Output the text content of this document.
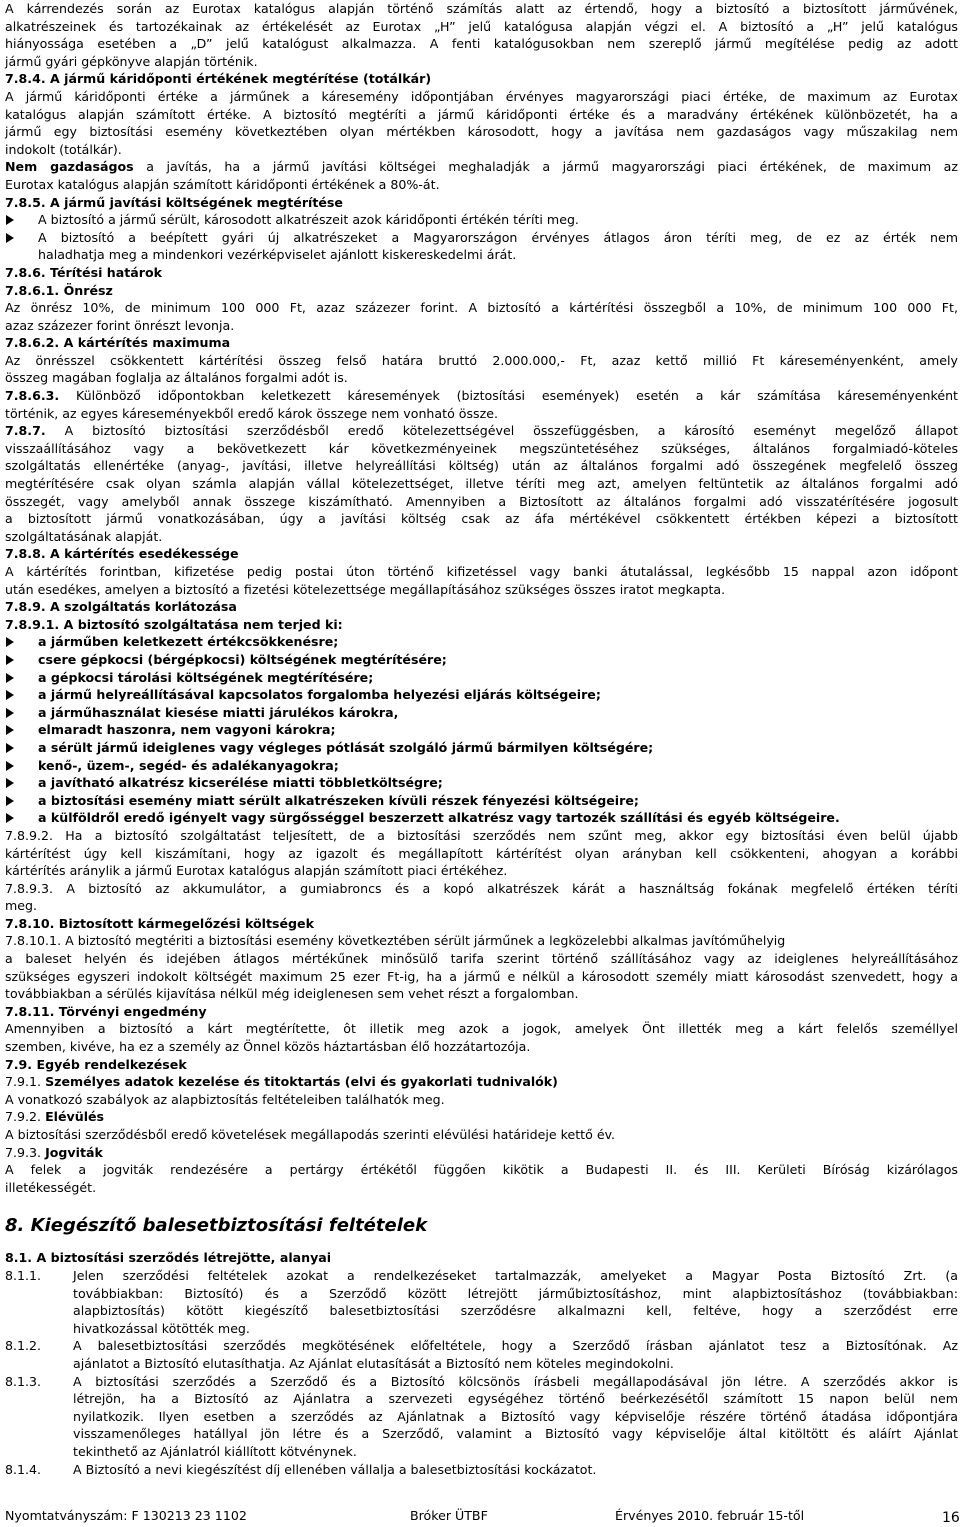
A kárrendezés során az Eurotax katalógus alapján történő számítás alatt az értendő, hogy a biztosító a biztosított járművének,
alkatrészeinek és tartozékainak az értékelését az Eurotax „H” jelű katalógusa alapján végzi el. A biztosító a „H” jelű katalógus
hiányossága esetében a „D” jelű katalógust alkalmazza. A fenti katalógusokban nem szereplő jármű megítélése pedig az adott
jármű gyári gépkönyve alapján történik.
7.8.4. A jármű káridőponti értékének megtérítése (totálkár)
A jármű káridőponti értéke a járműnek a káresemény időpontjában érvényes magyarországi piaci értéke, de maximum az Eurotax
katalógus alapján számított értéke. A biztosító megtéríti a jármű káridőponti értéke és a maradvány értékének különbözetét, ha a
jármű egy biztosítási esemény következtében olyan mértékben károsodott, hogy a javítása nem gazdaságos vagy műszakilag nem
indokolt (totálkár).
Nem gazdaságos a javítás, ha a jármű javítási költségei meghaladják a jármű magyarországi piaci értékének, de maximum az
Eurotax katalógus alapján számított káridőponti értékének a 80%-át.
7.8.5. A jármű javítási költségének megtérítése
A biztosító a jármű sérült, károsodott alkatrészeit azok káridőponti értékén téríti meg.
A biztosító a beépített gyári új alkatrészeket a Magyarországon érvényes átlagos áron téríti meg, de ez az érték nem
haladhatja meg a mindenkori vezérképviselet ajánlott kiskereskedelmi árát.
7.8.6. Térítési határok
7.8.6.1. Önrész
Az önrész 10%, de minimum 100 000 Ft, azaz százezer forint. A biztosító a kártérítési összegből a 10%, de minimum 100 000 Ft,
azaz százezer forint önrészt levonja.
7.8.6.2. A kártérítés maximuma
Az önrésszel csökkentett kártérítési összeg felső határa bruttó 2.000.000,- Ft, azaz kettő millió Ft káreseményenként, amely
összeg magában foglalja az általános forgalmi adót is.
7.8.6.3. Különböző időpontokban keletkezett káresemények (biztosítási események) esetén a kár számítása káreseményenként
történik, az egyes káreseményekből eredő károk összege nem vonható össze.
7.8.7. A biztosító biztosítási szerződésből eredő kötelezettségével összefüggésben, a károsító eseményt megelőző állapot
visszaállításához vagy a bekövetkezett kár következményeinek megszüntetéséhez szükséges, általános forgalmiadó-köteles
szolgáltatás ellenértéke (anyag-, javítási, illetve helyreállítási költség) után az általános forgalmi adó összegének megfelelő összeg
megtérítésére csak olyan számla alapján vállal kötelezettséget, illetve téríti meg azt, amelyen feltüntetik az általános forgalmi adó
összegét, vagy amelyből annak összege kiszámítható. Amennyiben a Biztosított az általános forgalmi adó visszatérítésére jogosult
a biztosított jármű vonatkozásában, úgy a javítási költség csak az áfa mértékével csökkentett értékben képezi a biztosított
szolgáltatásának alapját.
7.8.8. A kártérítés esedékessége
A kártérítés forintban, kifizetése pedig postai úton történő kifizetéssel vagy banki átutalással, legkésőbb 15 nappal azon időpont
után esedékes, amelyen a biztosító a fizetési kötelezettsége megállapításához szükséges összes iratot megkapta.
7.8.9. A szolgáltatás korlátozása
7.8.9.1. A biztosító szolgáltatása nem terjed ki:
a járműben keletkezett értékcsökkenésre;
csere gépkocsi (bérgépkocsi) költségének megtérítésére;
a gépkocsi tárolási költségének megtérítésére;
a jármű helyreállításával kapcsolatos forgalomba helyezési eljárás költségeire;
a járműhasználat kiesése miatti járulékos károkra,
elmaradt haszonra, nem vagyoni károkra;
a sérült jármű ideiglenes vagy végleges pótlását szolgáló jármű bármilyen költségére;
kenő-, üzem-, segéd- és adalékanyagokra;
a javítható alkatrész kicserélése miatti többletköltségre;
a biztosítási esemény miatt sérült alkatrészeken kívüli részek fényezési költségeire;
a külföldről eredő igényelt vagy sürgősséggel beszerzett alkatrész vagy tartozék szállítási és egyéb költségeire.
7.8.9.2. Ha a biztosító szolgáltatást teljesített, de a biztosítási szerződés nem szűnt meg, akkor egy biztosítási éven belül újabb
kártérítést úgy kell kiszámítani, hogy az igazolt és megállapított kártérítést olyan arányban kell csökkenteni, ahogyan a korábbi
kártérítés aránylik a jármű Eurotax katalógus alapján számított piaci értékéhez.
7.8.9.3. A biztosító az akkumulátor, a gumiabroncs és a kopó alkatrészek kárát a használtság fokának megfelelő értéken téríti
meg.
7.8.10. Biztosított kármegelőzési költségek
7.8.10.1. A biztosító megtériti a biztosítási esemény következtében sérült járműnek a legközelebbi alkalmas javítóműhelyig
a baleset helyén és idejében átlagos mértékűnek minősülő tarifa szerint történő szállításához vagy az ideiglenes helyreállításához
szükséges egyszeri indokolt költségét maximum 25 ezer Ft-ig, ha a jármű e nélkül a károsodott személy miatt károsodást szenvedett, hogy a
továbbiakban a sérülés kijavítása nélkül még ideiglenesen sem vehet részt a forgalomban.
7.8.11. Törvényi engedmény
Amennyiben a biztosító a kárt megtérítette, ôt illetik meg azok a jogok, amelyek Önt illették meg a kárt felelős személlyel
szemben, kivéve, ha ez a személy az Önnel közös háztartásban élő hozzátartozója.
7.9. Egyéb rendelkezések
7.9.1. Személyes adatok kezelése és titoktartás (elvi és gyakorlati tudnivalók)
A vonatkozó szabályok az alapbiztosítás feltételeiben találhatók meg.
7.9.2. Elévülés
A biztosítási szerződésből eredő követelések megállapodás szerinti elévülési határideje kettő év.
7.9.3. Jogviták
A felek a jogviták rendezésére a pertárgy értékétől függően kikötik a Budapesti II. és III. Kerületi Bíróság kizárólagos
illetékességét.
8. Kiegészítő balesetbiztosítási feltételek
8.1. A biztosítási szerződés létrejötte, alanyai
8.1.1.	Jelen szerződési feltételek azokat a rendelkezéseket tartalmazzák, amelyeket a Magyar Posta Biztosító Zrt. (a
továbbiakban: Biztosító) és a Szerződő között létrejött járműbiztosításhoz, mint alapbiztosításhoz (továbbiakban:
alapbiztosítás) kötött kiegészítő balesetbiztosítási szerződésre alkalmazni kell, feltéve, hogy a szerződést erre
hivatkozással kötötték meg.
8.1.2.	A balesetbiztosítási szerződés megkötésének előfeltétele, hogy a Szerződő írásban ajánlatot tesz a Biztosítónak. Az
ajánlatot a Biztosító elutasíthatja. Az Ajánlat elutasítását a Biztosító nem köteles megindokolni.
8.1.3.	A biztosítási szerződés a Szerződő és a Biztosító kölcsönös írásbeli megállapodásával jön létre. A szerződés akkor is
létrejön, ha a Biztosító az Ajánlatra a szervezeti egységéhez történő beérkezésétől számított 15 napon belül nem
nyilatkozik. Ilyen esetben a szerződés az Ajánlatnak a Biztosító vagy képviselője részére történő átadása időpontjára
visszamenőleges hatállyal jön létre és a Szerződő, valamint a Biztosító vagy képviselője által kitöltött és aláírt Ajánlat
tekinthető az Ajánlatról kiállított kötvénynek.
8.1.4.	A Biztosító a nevi kiegészítést díj ellenében vállalja a balesetbiztosítási kockázatot.
Nyomtatványszám: F 130213 23 1102	Bróker ÜTBF	Érvényes 2010. február 15-től	16
